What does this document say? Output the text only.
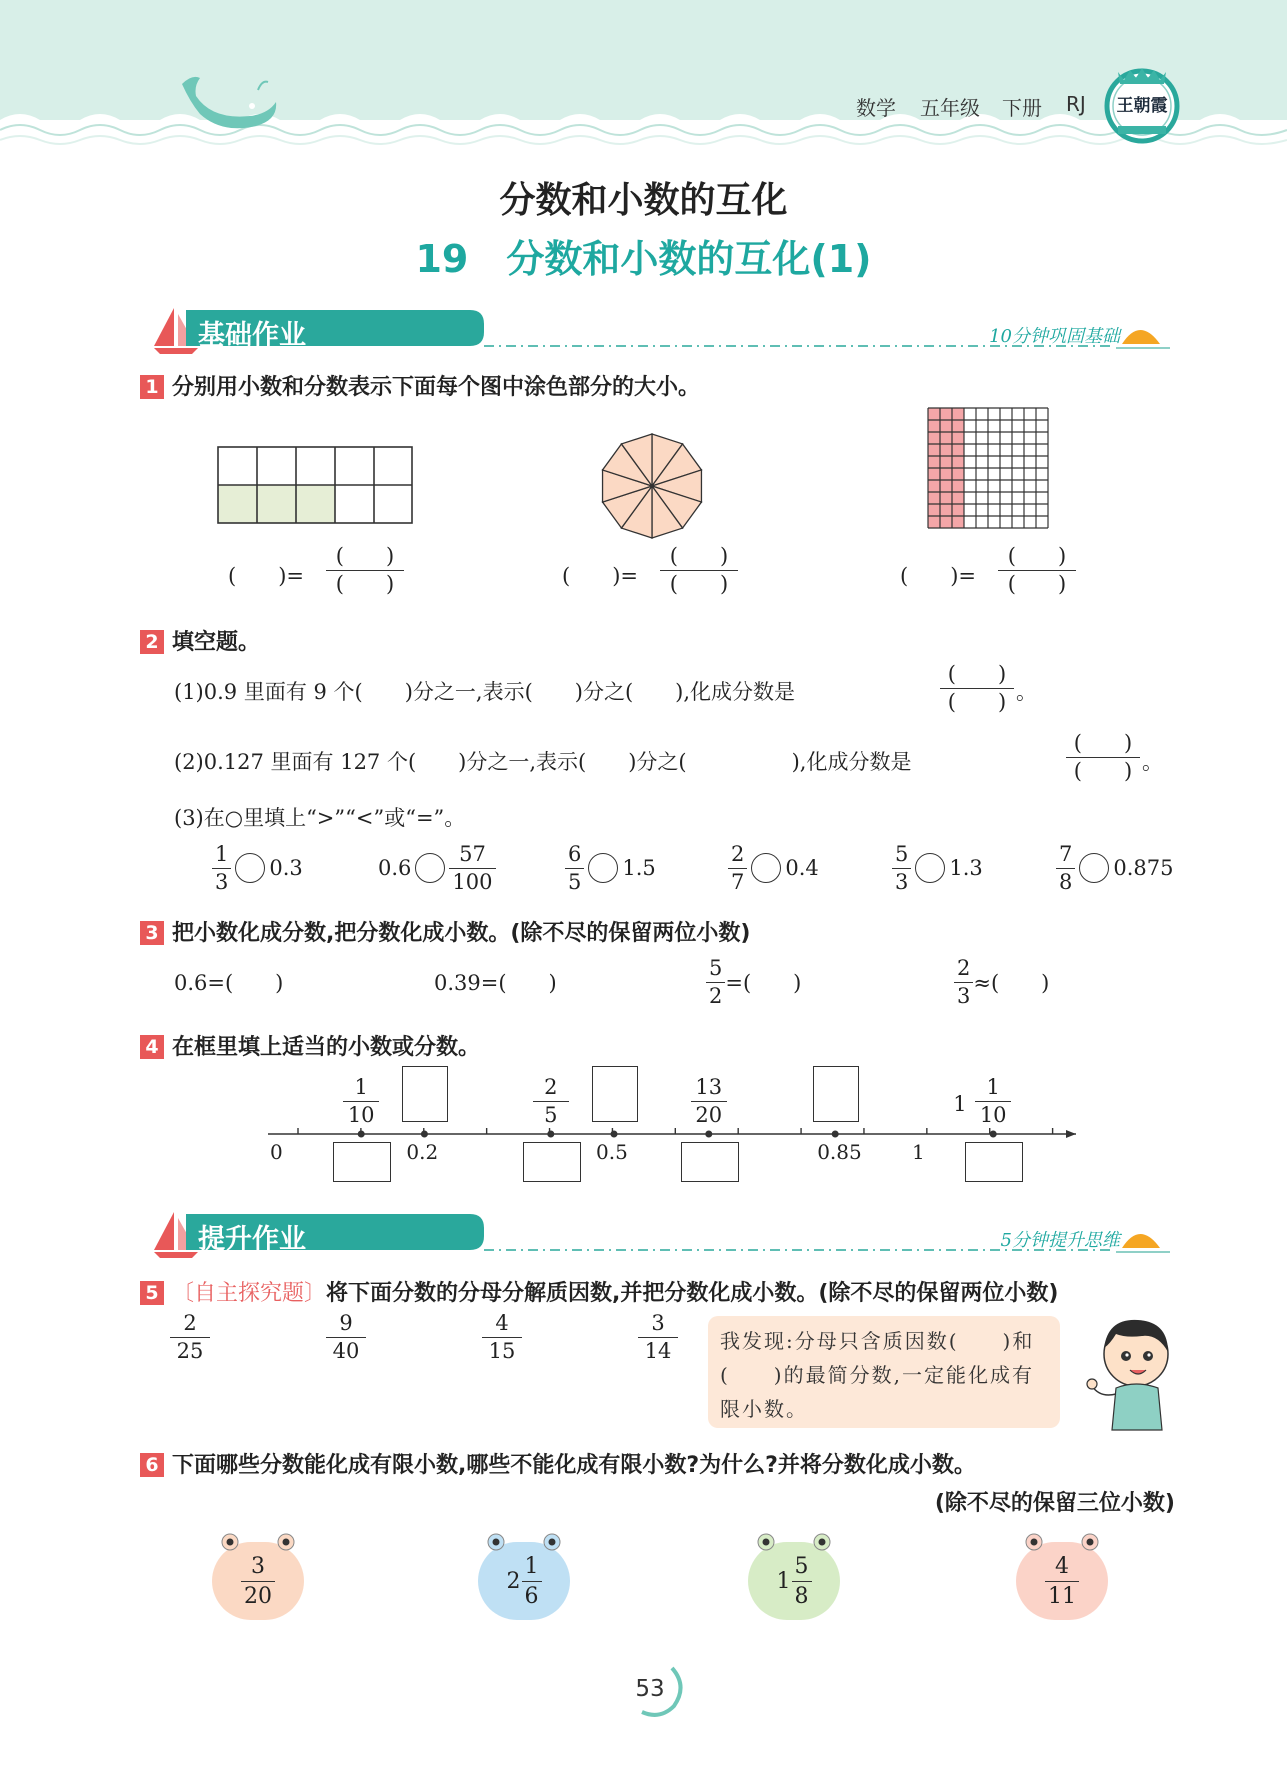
数学 五年级 下册 RJ	王朝霞
分数和小数的互化
19　分数和小数的互化(1)
基础作业	10分钟巩固基础
1 分别用小数和分数表示下面每个图中涂色部分的大小。
(　　)=
(　　)
(　　)	(　　)=
(　　)
(　　)	(　　)=
(　　)
(　　)
2 填空题。
(1)0.9 里面有 9 个(　　)分之一,表示(　　)分之(　　),化成分数是
(　　)
(　　) 。
(2)0.127 里面有 127 个(　　)分之一,表示(　　)分之(　　　　　),化成分数是
(　　)
(　　) 。
(3)在○里填上“>”“<”或“=”。
$\frac{1}{3} 0.3$	$0.6 \frac{57}{100}$	$\frac{6}{5} 1.5$	$\frac{2}{7} 0.4$	$\frac{5}{3} 1.3$	$\frac{7}{8} 0.875$
3 把小数化成分数,把分数化成小数。(除不尽的保留两位小数)
0.6=(　　)	0.39=(　　)	$\frac{5}{2}$ =(　　)	$\frac{2}{3}$ ≈(　　)
4 在框里填上适当的小数或分数。
0	0.2	0.5	0.85	1
$\frac{1}{10}$	$\frac{2}{5}$	$\frac{13}{20}$	$1 \frac{1}{10}$
提升作业	5分钟提升思维
5 〔自主探究题〕将下面分数的分母分解质因数,并把分数化成小数。(除不尽的保留两位小数)
$\frac{2}{25}$	$\frac{9}{40}$	$\frac{4}{15}$	$\frac{3}{14}$ 我发现:分母只含质因数(　　)和(　　)的最简分数,一定能化成有限小数。
6 下面哪些分数能化成有限小数,哪些不能化成有限小数?为什么?并将分数化成小数。
(除不尽的保留三位小数)
$\frac{3}{20}$	$2 \frac{1}{6}$	$1 \frac{5}{8}$	$\frac{4}{11}$
53
